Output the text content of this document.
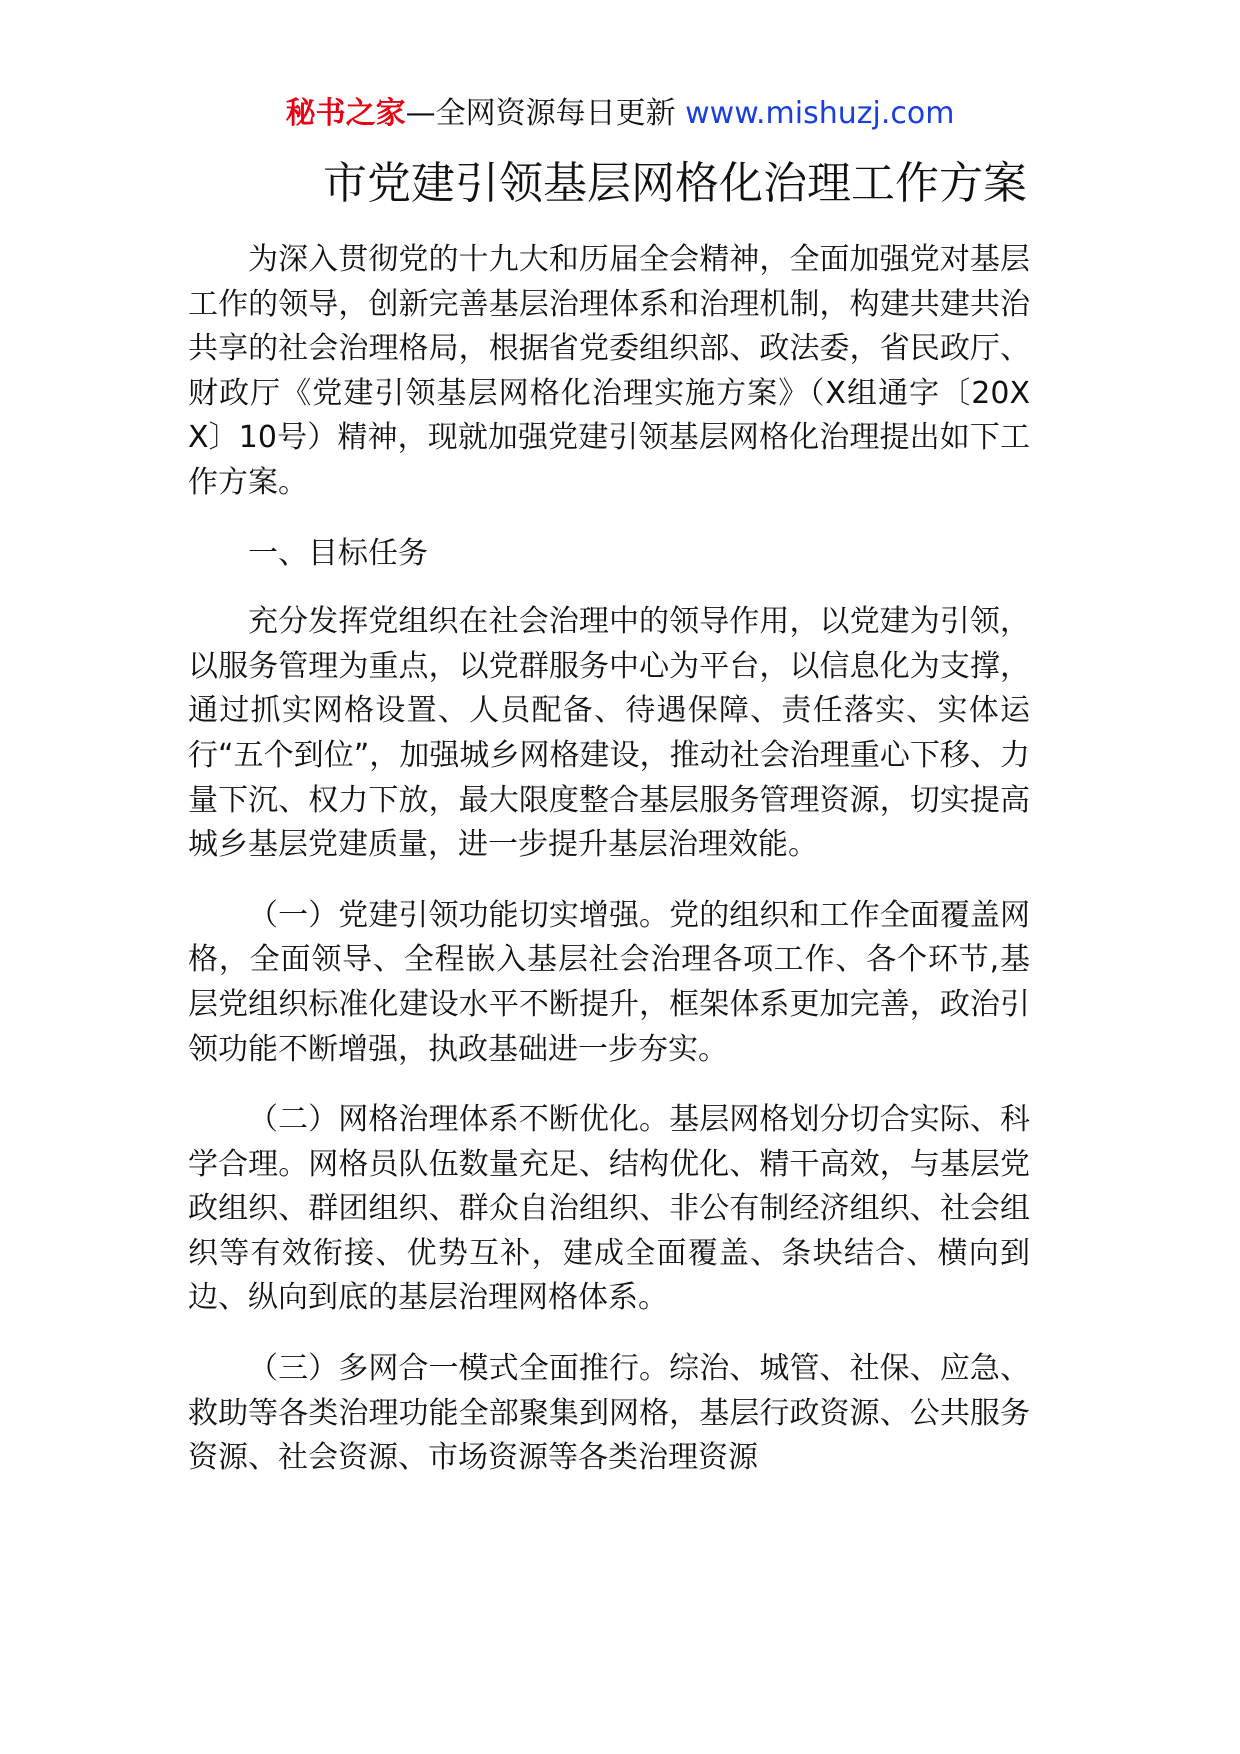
秘书之家—全网资源每日更新 www.mishuzj.com
市党建引领基层网格化治理工作方案

为深入贯彻党的十九大和历届全会精神，全面加强党对基层工作的领导，创新完善基层治理体系和治理机制，构建共建共治共享的社会治理格局，根据省党委组织部、政法委，省民政厅、财政厅《党建引领基层网格化治理实施方案》（X组通字〔20XX〕10号）精神，现就加强党建引领基层网格化治理提出如下工作方案。

一、目标任务

充分发挥党组织在社会治理中的领导作用，以党建为引领，以服务管理为重点，以党群服务中心为平台，以信息化为支撑，通过抓实网格设置、人员配备、待遇保障、责任落实、实体运行“五个到位”，加强城乡网格建设，推动社会治理重心下移、力量下沉、权力下放，最大限度整合基层服务管理资源，切实提高城乡基层党建质量，进一步提升基层治理效能。

（一）党建引领功能切实增强。党的组织和工作全面覆盖网格，全面领导、全程嵌入基层社会治理各项工作、各个环节,基层党组织标准化建设水平不断提升，框架体系更加完善，政治引领功能不断增强，执政基础进一步夯实。

（二）网格治理体系不断优化。基层网格划分切合实际、科学合理。网格员队伍数量充足、结构优化、精干高效，与基层党政组织、群团组织、群众自治组织、非公有制经济组织、社会组织等有效衔接、优势互补，建成全面覆盖、条块结合、横向到边、纵向到底的基层治理网格体系。

（三）多网合一模式全面推行。综治、城管、社保、应急、救助等各类治理功能全部聚集到网格，基层行政资源、公共服务资源、社会资源、市场资源等各类治理资源
